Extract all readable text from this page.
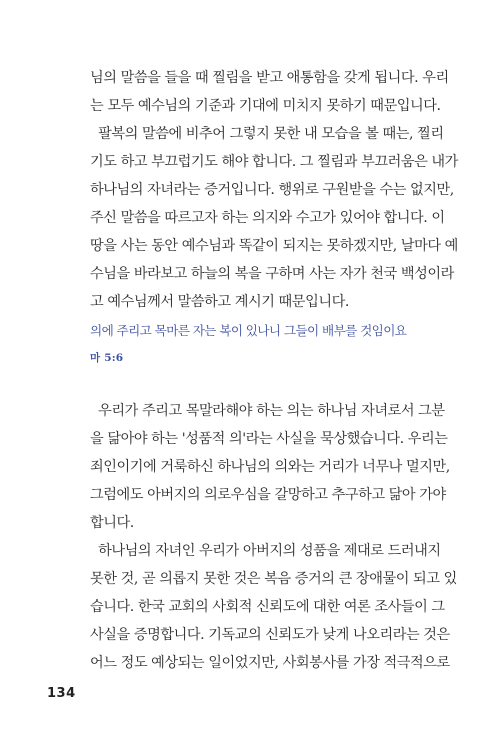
님의 말씀을 들을 때 찔림을 받고 애통함을 갖게 됩니다. 우리
는 모두 예수님의 기준과 기대에 미치지 못하기 때문입니다.
팔복의 말씀에 비추어 그렇지 못한 내 모습을 볼 때는, 찔리
기도 하고 부끄럽기도 해야 합니다. 그 찔림과 부끄러움은 내가
하나님의 자녀라는 증거입니다. 행위로 구원받을 수는 없지만,
주신 말씀을 따르고자 하는 의지와 수고가 있어야 합니다. 이
땅을 사는 동안 예수님과 똑같이 되지는 못하겠지만, 날마다 예
수님을 바라보고 하늘의 복을 구하며 사는 자가 천국 백성이라
고 예수님께서 말씀하고 계시기 때문입니다.
의에 주리고 목마른 자는 복이 있나니 그들이 배부를 것임이요
마 5:6
우리가 주리고 목말라해야 하는 의는 하나님 자녀로서 그분
을 닮아야 하는 '성품적 의'라는 사실을 묵상했습니다. 우리는
죄인이기에 거룩하신 하나님의 의와는 거리가 너무나 멀지만,
그럼에도 아버지의 의로우심을 갈망하고 추구하고 닮아 가야
합니다.
하나님의 자녀인 우리가 아버지의 성품을 제대로 드러내지
못한 것, 곧 의롭지 못한 것은 복음 증거의 큰 장애물이 되고 있
습니다. 한국 교회의 사회적 신뢰도에 대한 여론 조사들이 그
사실을 증명합니다. 기독교의 신뢰도가 낮게 나오리라는 것은
어느 정도 예상되는 일이었지만, 사회봉사를 가장 적극적으로
134
